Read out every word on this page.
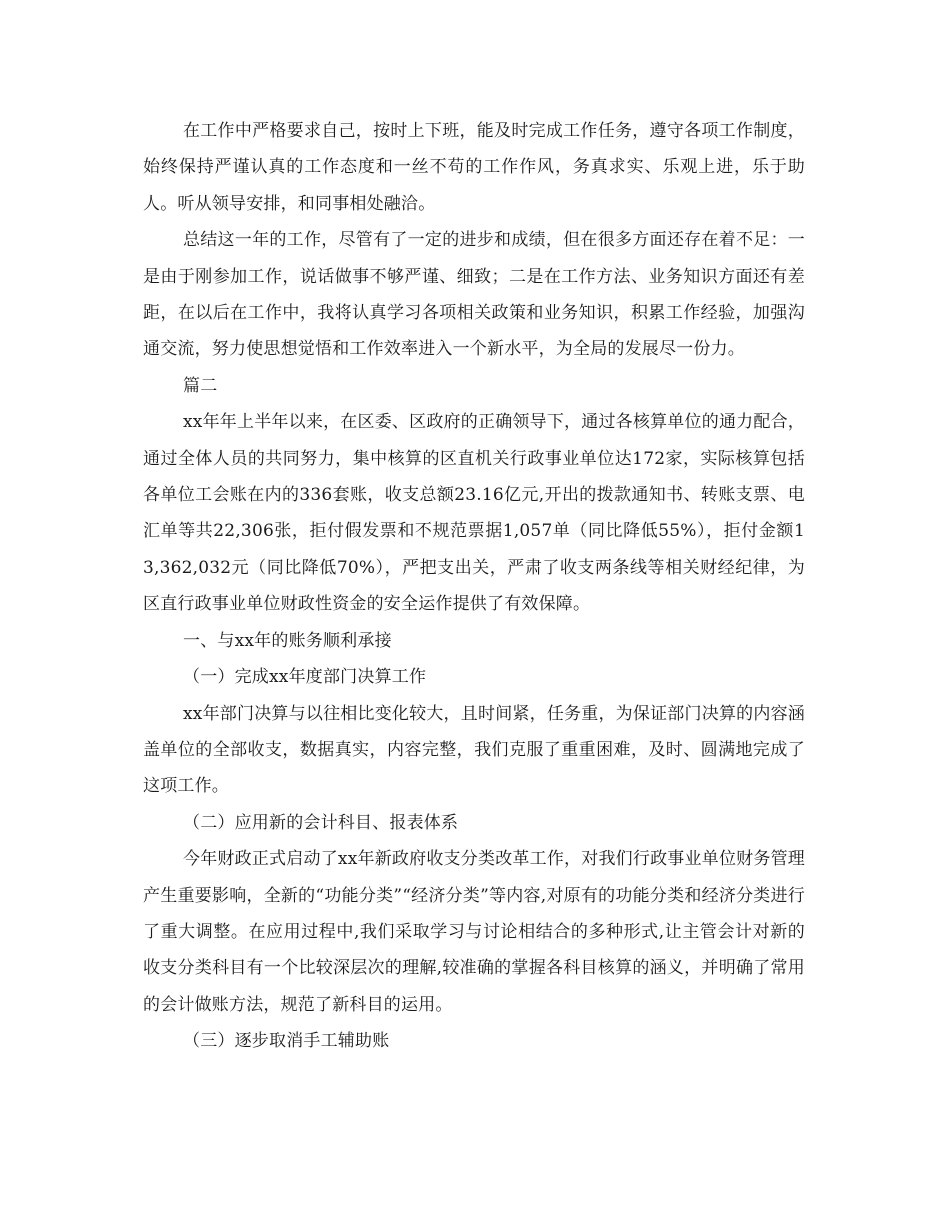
在工作中严格要求自己，按时上下班，能及时完成工作任务，遵守各项工作制度，始终保持严谨认真的工作态度和一丝不苟的工作作风，务真求实、乐观上进，乐于助人。听从领导安排，和同事相处融洽。

总结这一年的工作，尽管有了一定的进步和成绩，但在很多方面还存在着不足：一是由于刚参加工作，说话做事不够严谨、细致；二是在工作方法、业务知识方面还有差距，在以后在工作中，我将认真学习各项相关政策和业务知识，积累工作经验，加强沟通交流，努力使思想觉悟和工作效率进入一个新水平，为全局的发展尽一份力。

篇二

xx年年上半年以来，在区委、区政府的正确领导下，通过各核算单位的通力配合，通过全体人员的共同努力，集中核算的区直机关行政事业单位达172家，实际核算包括各单位工会账在内的336套账，收支总额23.16亿元,开出的拨款通知书、转账支票、电汇单等共22,306张，拒付假发票和不规范票据1,057单（同比降低55%），拒付金额13,362,032元（同比降低70%），严把支出关，严肃了收支两条线等相关财经纪律，为区直行政事业单位财政性资金的安全运作提供了有效保障。

一、与xx年的账务顺利承接

（一）完成xx年度部门决算工作

xx年部门决算与以往相比变化较大，且时间紧，任务重，为保证部门决算的内容涵盖单位的全部收支，数据真实，内容完整，我们克服了重重困难，及时、圆满地完成了这项工作。

（二）应用新的会计科目、报表体系

今年财政正式启动了xx年新政府收支分类改革工作，对我们行政事业单位财务管理产生重要影响，全新的“功能分类”“经济分类”等内容,对原有的功能分类和经济分类进行了重大调整。在应用过程中,我们采取学习与讨论相结合的多种形式,让主管会计对新的收支分类科目有一个比较深层次的理解,较准确的掌握各科目核算的涵义，并明确了常用的会计做账方法，规范了新科目的运用。

（三）逐步取消手工辅助账
